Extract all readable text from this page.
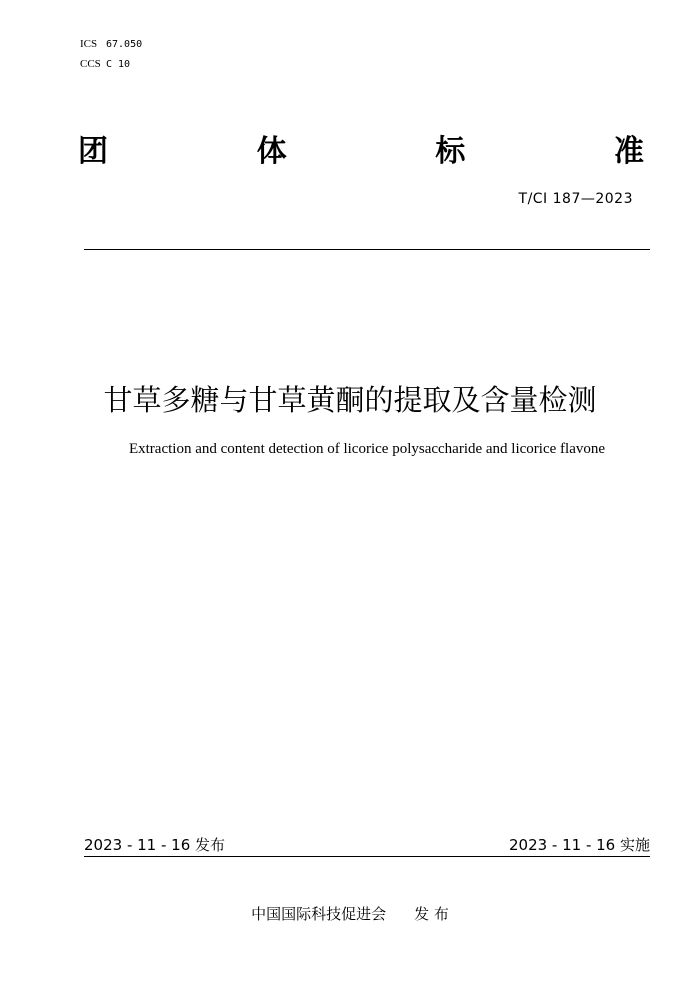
ICS 67.050
CCS C 10
团	体	标	准
T/CI 187—2023
甘草多糖与甘草黄酮的提取及含量检测
Extraction and content detection of licorice polysaccharide and licorice flavone
2023 - 11 - 16 发布	2023 - 11 - 16 实施
中国国际科技促进会 发 布
